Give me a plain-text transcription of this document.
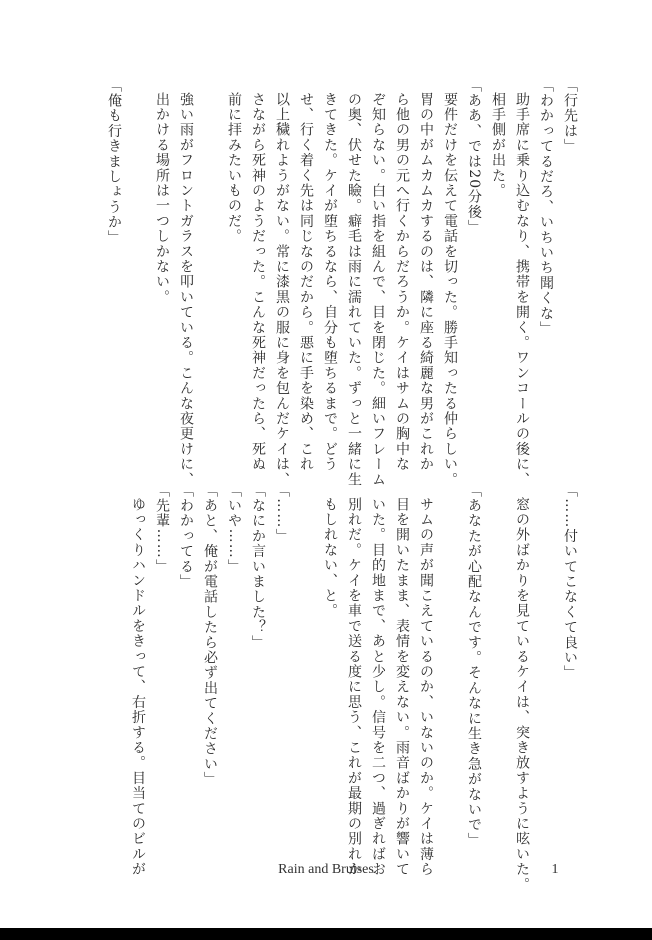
「行先は」
「わかってるだろ、いちいち聞くな」
助手席に乗り込むなり、携帯を開く。ワンコールの後に、
相手側が出た。
「ああ、では20分後」
要件だけを伝えて電話を切った。勝手知ったる仲らしい。
胃の中がムカムカするのは、隣に座る綺麗な男がこれか
ら他の男の元へ行くからだろうか。ケイはサムの胸中な
ぞ知らない。白い指を組んで、目を閉じた。細いフレーム
の奥、伏せた瞼。癖毛は雨に濡れていた。ずっと一緒に生
きてきた。ケイが堕ちるなら、自分も堕ちるまで。どう
せ、行く着く先は同じなのだから。悪に手を染め、これ
以上穢れようがない。常に漆黒の服に身を包んだケイは、
さながら死神のようだった。こんな死神だったら、死ぬ
前に拝みたいものだ。
強い雨がフロントガラスを叩いている。こんな夜更けに、
出かける場所は一つしかない。
「俺も行きましょうか」
「……付いてこなくて良い」
窓の外ばかりを見ているケイは、突き放すように呟いた。
「あなたが心配なんです。そんなに生き急がないで」
サムの声が聞こえているのか、いないのか。ケイは薄ら
目を開いたまま、表情を変えない。雨音ばかりが響いて
いた。目的地まで、あと少し。信号を二つ、過ぎればお
別れだ。ケイを車で送る度に思う、これが最期の別れか
もしれない、と。
「……」
「なにか言いました？」
「いや……」
「あと、俺が電話したら必ず出てください」
「わかってる」
「先輩……」
ゆっくりハンドルをきって、右折する。目当てのビルが	Rain and Bruises	1
